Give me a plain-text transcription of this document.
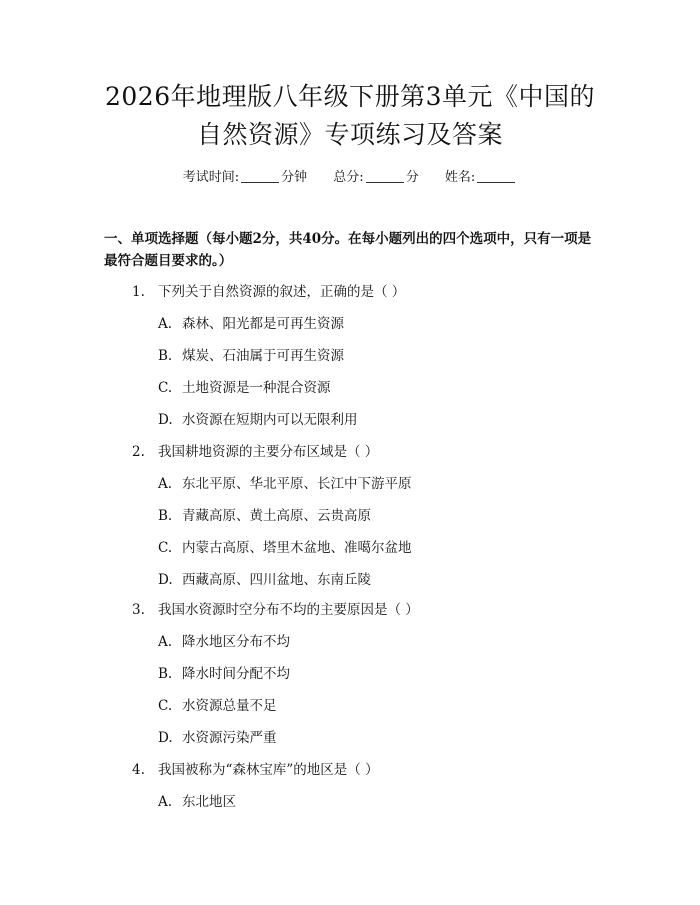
2026年地理版八年级下册第3单元《中国的
自然资源》专项练习及答案
考试时间:	分钟 总分:	分 姓名:

一、单项选择题（每小题2分，共40分。在每小题列出的四个选项中，只有一项是最符合题目要求的。）

1. 下列关于自然资源的叙述，正确的是（ ）
A. 森林、阳光都是可再生资源
B. 煤炭、石油属于可再生资源
C. 土地资源是一种混合资源
D. 水资源在短期内可以无限利用
2. 我国耕地资源的主要分布区域是（ ）
A. 东北平原、华北平原、长江中下游平原
B. 青藏高原、黄土高原、云贵高原
C. 内蒙古高原、塔里木盆地、准噶尔盆地
D. 西藏高原、四川盆地、东南丘陵
3. 我国水资源时空分布不均的主要原因是（ ）
A. 降水地区分布不均
B. 降水时间分配不均
C. 水资源总量不足
D. 水资源污染严重
4. 我国被称为“森林宝库”的地区是（ ）
A. 东北地区
